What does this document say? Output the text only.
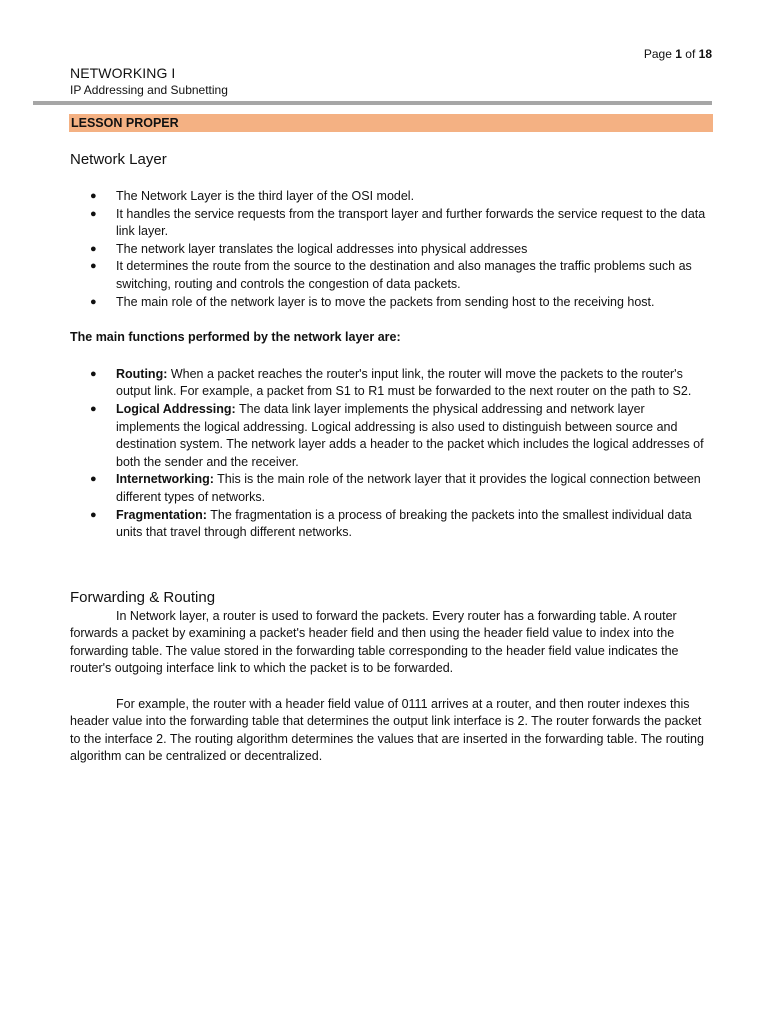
Page 1 of 18
NETWORKING I
IP Addressing and Subnetting
LESSON PROPER
Network Layer
● The Network Layer is the third layer of the OSI model.
● It handles the service requests from the transport layer and further forwards the service request to the data link layer.
● The network layer translates the logical addresses into physical addresses
● It determines the route from the source to the destination and also manages the traffic problems such as switching, routing and controls the congestion of data packets.
● The main role of the network layer is to move the packets from sending host to the receiving host.
The main functions performed by the network layer are:
● Routing: When a packet reaches the router's input link, the router will move the packets to the router's output link. For example, a packet from S1 to R1 must be forwarded to the next router on the path to S2.
● Logical Addressing: The data link layer implements the physical addressing and network layer implements the logical addressing. Logical addressing is also used to distinguish between source and destination system. The network layer adds a header to the packet which includes the logical addresses of both the sender and the receiver.
● Internetworking: This is the main role of the network layer that it provides the logical connection between different types of networks.
● Fragmentation: The fragmentation is a process of breaking the packets into the smallest individual data units that travel through different networks.
Forwarding & Routing

In Network layer, a router is used to forward the packets. Every router has a forwarding table. A router forwards a packet by examining a packet's header field and then using the header field value to index into the forwarding table. The value stored in the forwarding table corresponding to the header field value indicates the router's outgoing interface link to which the packet is to be forwarded.

For example, the router with a header field value of 0111 arrives at a router, and then router indexes this header value into the forwarding table that determines the output link interface is 2. The router forwards the packet to the interface 2. The routing algorithm determines the values that are inserted in the forwarding table. The routing algorithm can be centralized or decentralized.
